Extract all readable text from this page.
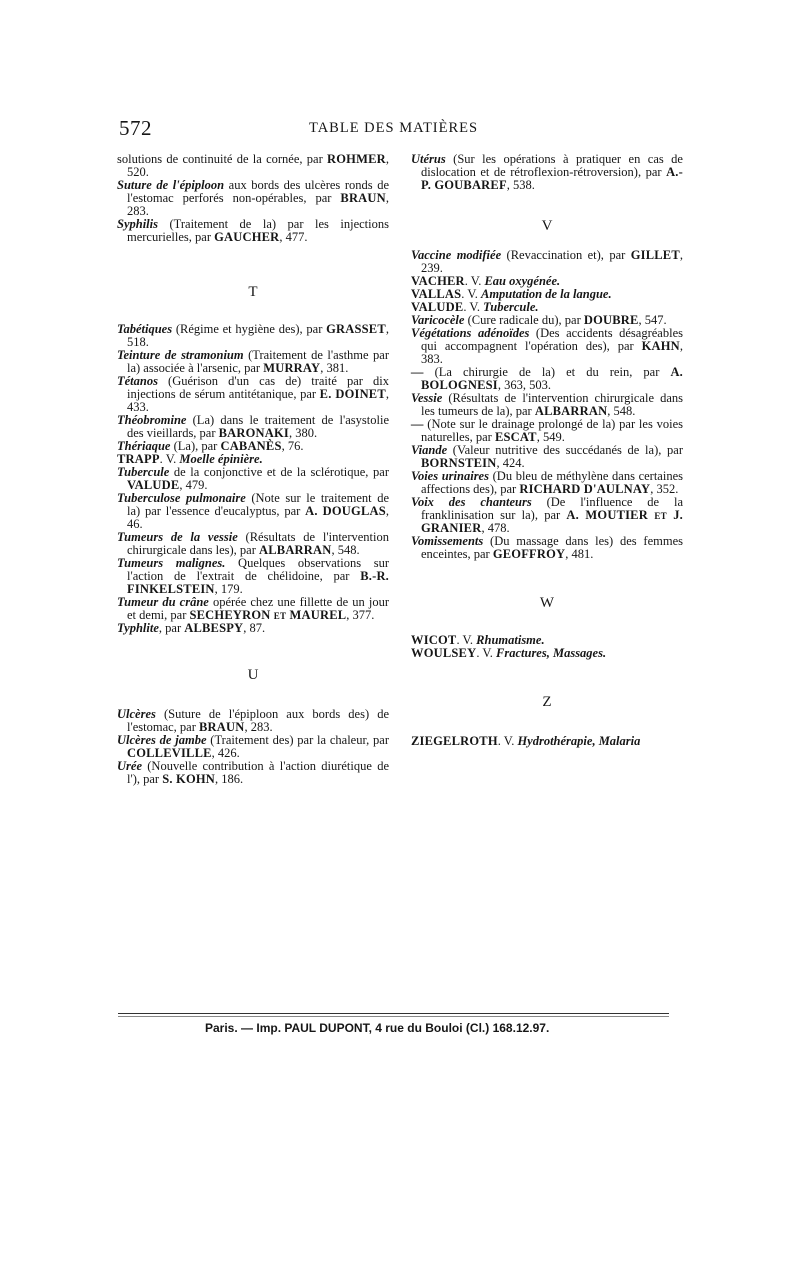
572	TABLE DES MATIÈRES

solutions de continuité de la cornée, par ROHMER, 520.

Suture de l'épiploon aux bords des ulcères ronds de l'estomac perforés non-opérables, par BRAUN, 283.

Syphilis (Traitement de la) par les injections mercurielles, par GAUCHER, 477.

T

Tabétiques (Régime et hygiène des), par GRASSET, 518.

Teinture de stramonium (Traitement de l'asthme par la) associée à l'arsenic, par MURRAY, 381.

Tétanos (Guérison d'un cas de) traité par dix injections de sérum antitétanique, par E. DOINET, 433.

Théobromine (La) dans le traitement de l'asystolie des vieillards, par BARONAKI, 380.

Thériaque (La), par CABANÈS, 76.

TRAPP. V. Moelle épinière.

Tubercule de la conjonctive et de la sclérotique, par VALUDE, 479.

Tuberculose pulmonaire (Note sur le traitement de la) par l'essence d'eucalyptus, par A. DOUGLAS, 46.

Tumeurs de la vessie (Résultats de l'intervention chirurgicale dans les), par ALBARRAN, 548.

Tumeurs malignes. Quelques observations sur l'action de l'extrait de chélidoine, par B.-R. FINKELSTEIN, 179.

Tumeur du crâne opérée chez une fillette de un jour et demi, par SECHEYRON et MAUREL, 377.

Typhlite, par ALBESPY, 87.

U

Ulcères (Suture de l'épiploon aux bords des) de l'estomac, par BRAUN, 283.

Ulcères de jambe (Traitement des) par la chaleur, par COLLEVILLE, 426.

Urée (Nouvelle contribution à l'action diurétique de l'), par S. KOHN, 186.

Utérus (Sur les opérations à pratiquer en cas de dislocation et de rétroflexion-rétroversion), par A.-P. GOUBAREF, 538.

V

Vaccine modifiée (Revaccination et), par GILLET, 239.

VACHER. V. Eau oxygénée.

VALLAS. V. Amputation de la langue.

VALUDE. V. Tubercule.

Varicocèle (Cure radicale du), par DOUBRE, 547.

Végétations adénoïdes (Des accidents désagréables qui accompagnent l'opération des), par KAHN, 383.

— (La chirurgie de la) et du rein, par A. BOLOGNESI, 363, 503.

Vessie (Résultats de l'intervention chirurgicale dans les tumeurs de la), par ALBARRAN, 548.

— (Note sur le drainage prolongé de la) par les voies naturelles, par ESCAT, 549.

Viande (Valeur nutritive des succédanés de la), par BORNSTEIN, 424.

Voies urinaires (Du bleu de méthylène dans certaines affections des), par RICHARD D'AULNAY, 352.

Voix des chanteurs (De l'influence de la franklinisation sur la), par A. MOUTIER et J. GRANIER, 478.

Vomissements (Du massage dans les) des femmes enceintes, par GEOFFROY, 481.

W

WICOT. V. Rhumatisme.

WOULSEY. V. Fractures, Massages.

Z

ZIEGELROTH. V. Hydrothérapie, Malaria

Paris. — Imp. PAUL DUPONT, 4 rue du Bouloi (Cl.) 168.12.97.
